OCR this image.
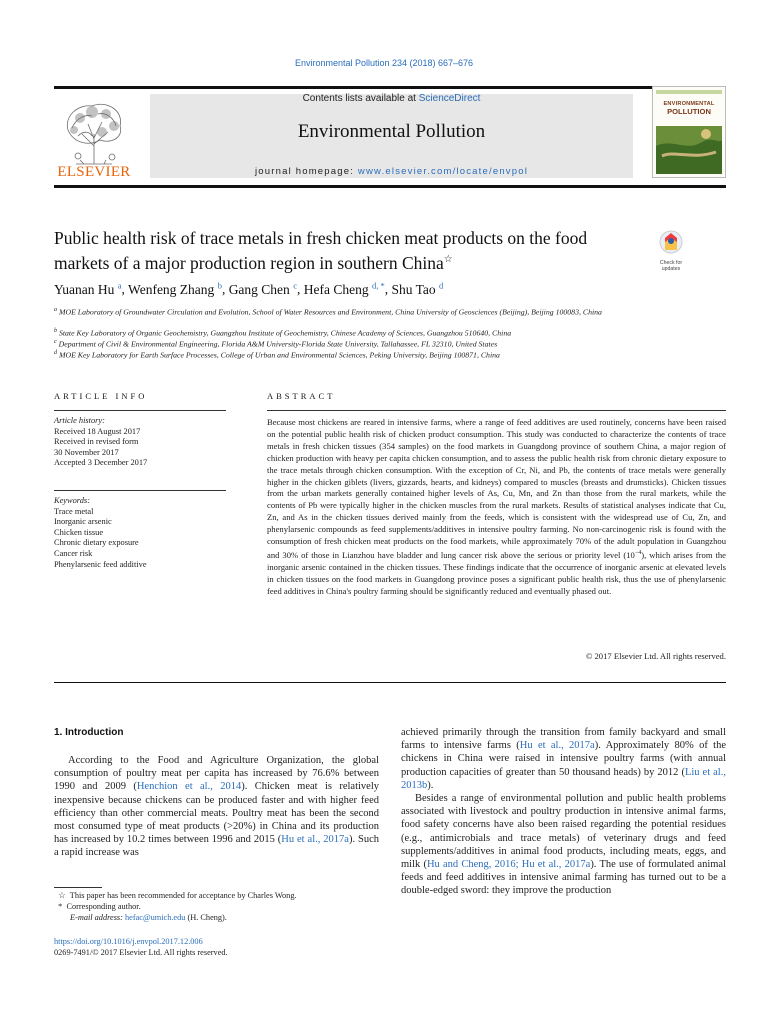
Environmental Pollution 234 (2018) 667–676
ELSEVIER
Contents lists available at ScienceDirect
Environmental Pollution
journal homepage: www.elsevier.com/locate/envpol
ENVIRONMENTAL
POLLUTION
Public health risk of trace metals in fresh chicken meat products on the food markets of a major production region in southern China☆	Check for
updates
Yuanan Hu $^a$, Wenfeng Zhang $^b$, Gang Chen $^c$, Hefa Cheng $^{d, *}$, Shu Tao $^d$
$^a$ MOE Laboratory of Groundwater Circulation and Evolution, School of Water Resources and Environment, China University of Geosciences (Beijing), Beijing 100083, China
$^b$ State Key Laboratory of Organic Geochemistry, Guangzhou Institute of Geochemistry, Chinese Academy of Sciences, Guangzhou 510640, China
$^c$ Department of Civil & Environmental Engineering, Florida A&M University-Florida State University, Tallahassee, FL 32310, United States
$^d$ MOE Key Laboratory for Earth Surface Processes, College of Urban and Environmental Sciences, Peking University, Beijing 100871, China
ARTICLE INFO
Article history:
Received 18 August 2017
Received in revised form
30 November 2017
Accepted 3 December 2017
Keywords:
Trace metal
Inorganic arsenic
Chicken tissue
Chronic dietary exposure
Cancer risk
Phenylarsenic feed additive
ABSTRACT
Because most chickens are reared in intensive farms, where a range of feed additives are used routinely, concerns have been raised on the potential public health risk of chicken product consumption. This study was conducted to characterize the contents of trace metals in fresh chicken tissues (354 samples) on the food markets in Guangdong province of southern China, a major region of chicken production with heavy per capita chicken consumption, and to assess the public health risk from chronic dietary exposure to the trace metals through chicken consumption. With the exception of Cr, Ni, and Pb, the contents of trace metals were generally higher in the chicken giblets (livers, gizzards, hearts, and kidneys) compared to muscles (breasts and drumsticks). Chicken tissues from the urban markets generally contained higher levels of As, Cu, Mn, and Zn than those from the rural markets, while the contents of Pb were typically higher in the chicken muscles from the rural markets. Results of statistical analyses indicate that Cu, Zn, and As in the chicken tissues derived mainly from the feeds, which is consistent with the widespread use of Cu, Zn, and phenylarsenic compounds as feed supplements/additives in intensive poultry farming. No non-carcinogenic risk is found with the consumption of fresh chicken meat products on the food markets, while approximately 70% of the adult population in Guangzhou and 30% of those in Lianzhou have bladder and lung cancer risk above the serious or priority level $(10^{-4})$, which arises from the inorganic arsenic contained in the chicken tissues. These findings indicate that the occurrence of inorganic arsenic at elevated levels in chicken tissues on the food markets in Guangdong province poses a significant public health risk, thus the use of phenylarsenic feed additives in China's poultry farming should be significantly reduced and eventually phased out.
© 2017 Elsevier Ltd. All rights reserved.
1. Introduction

According to the Food and Agriculture Organization, the global consumption of poultry meat per capita has increased by 76.6% between 1990 and 2009 (Henchion et al., 2014). Chicken meat is relatively inexpensive because chickens can be produced faster and with higher feed efficiency than other commercial meats. Poultry meat has been the second most consumed type of meat products (>20%) in China and its production has increased by 10.2 times between 1996 and 2015 (Hu et al., 2017a). Such a rapid increase was

achieved primarily through the transition from family backyard and small farms to intensive farms (Hu et al., 2017a). Approximately 80% of the chickens in China were raised in intensive poultry farms (with annual production capacities of greater than 50 thousand heads) by 2012 (Liu et al., 2013b).

Besides a range of environmental pollution and public health problems associated with livestock and poultry production in intensive animal farms, food safety concerns have also been raised regarding the potential residues (e.g., antimicrobials and trace metals) of veterinary drugs and feed supplements/additives in animal food products, including meats, eggs, and milk (Hu and Cheng, 2016; Hu et al., 2017a). The use of formulated animal feeds and feed additives in intensive animal farming has turned out to be a double-edged sword: they improve the production

☆ This paper has been recommended for acceptance by Charles Wong.
*  Corresponding author.
E-mail address: hefac@umich.edu (H. Cheng).
https://doi.org/10.1016/j.envpol.2017.12.006
0269-7491/© 2017 Elsevier Ltd. All rights reserved.
